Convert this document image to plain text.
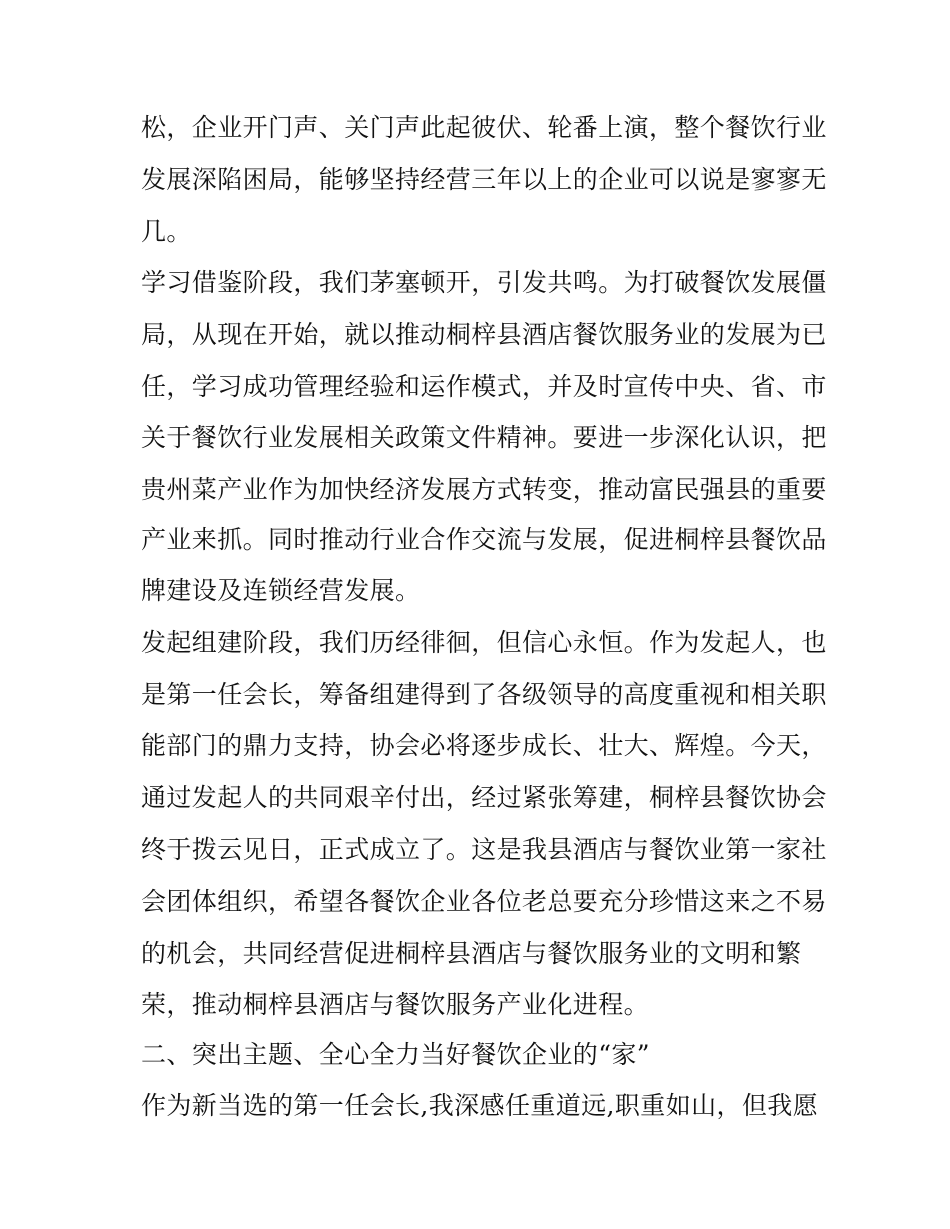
松，企业开门声、关门声此起彼伏、轮番上演，整个餐饮行业
发展深陷困局，能够坚持经营三年以上的企业可以说是寥寥无
几。
学习借鉴阶段，我们茅塞顿开，引发共鸣。为打破餐饮发展僵
局，从现在开始，就以推动桐梓县酒店餐饮服务业的发展为已
任，学习成功管理经验和运作模式，并及时宣传中央、省、市
关于餐饮行业发展相关政策文件精神。要进一步深化认识，把
贵州菜产业作为加快经济发展方式转变，推动富民强县的重要
产业来抓。同时推动行业合作交流与发展，促进桐梓县餐饮品
牌建设及连锁经营发展。
发起组建阶段，我们历经徘徊，但信心永恒。作为发起人，也
是第一任会长，筹备组建得到了各级领导的高度重视和相关职
能部门的鼎力支持，协会必将逐步成长、壮大、辉煌。今天，
通过发起人的共同艰辛付出，经过紧张筹建，桐梓县餐饮协会
终于拨云见日，正式成立了。这是我县酒店与餐饮业第一家社
会团体组织，希望各餐饮企业各位老总要充分珍惜这来之不易
的机会，共同经营促进桐梓县酒店与餐饮服务业的文明和繁
荣，推动桐梓县酒店与餐饮服务产业化进程。
二、突出主题、全心全力当好餐饮企业的“家”
作为新当选的第一任会长,我深感任重道远,职重如山，但我愿
